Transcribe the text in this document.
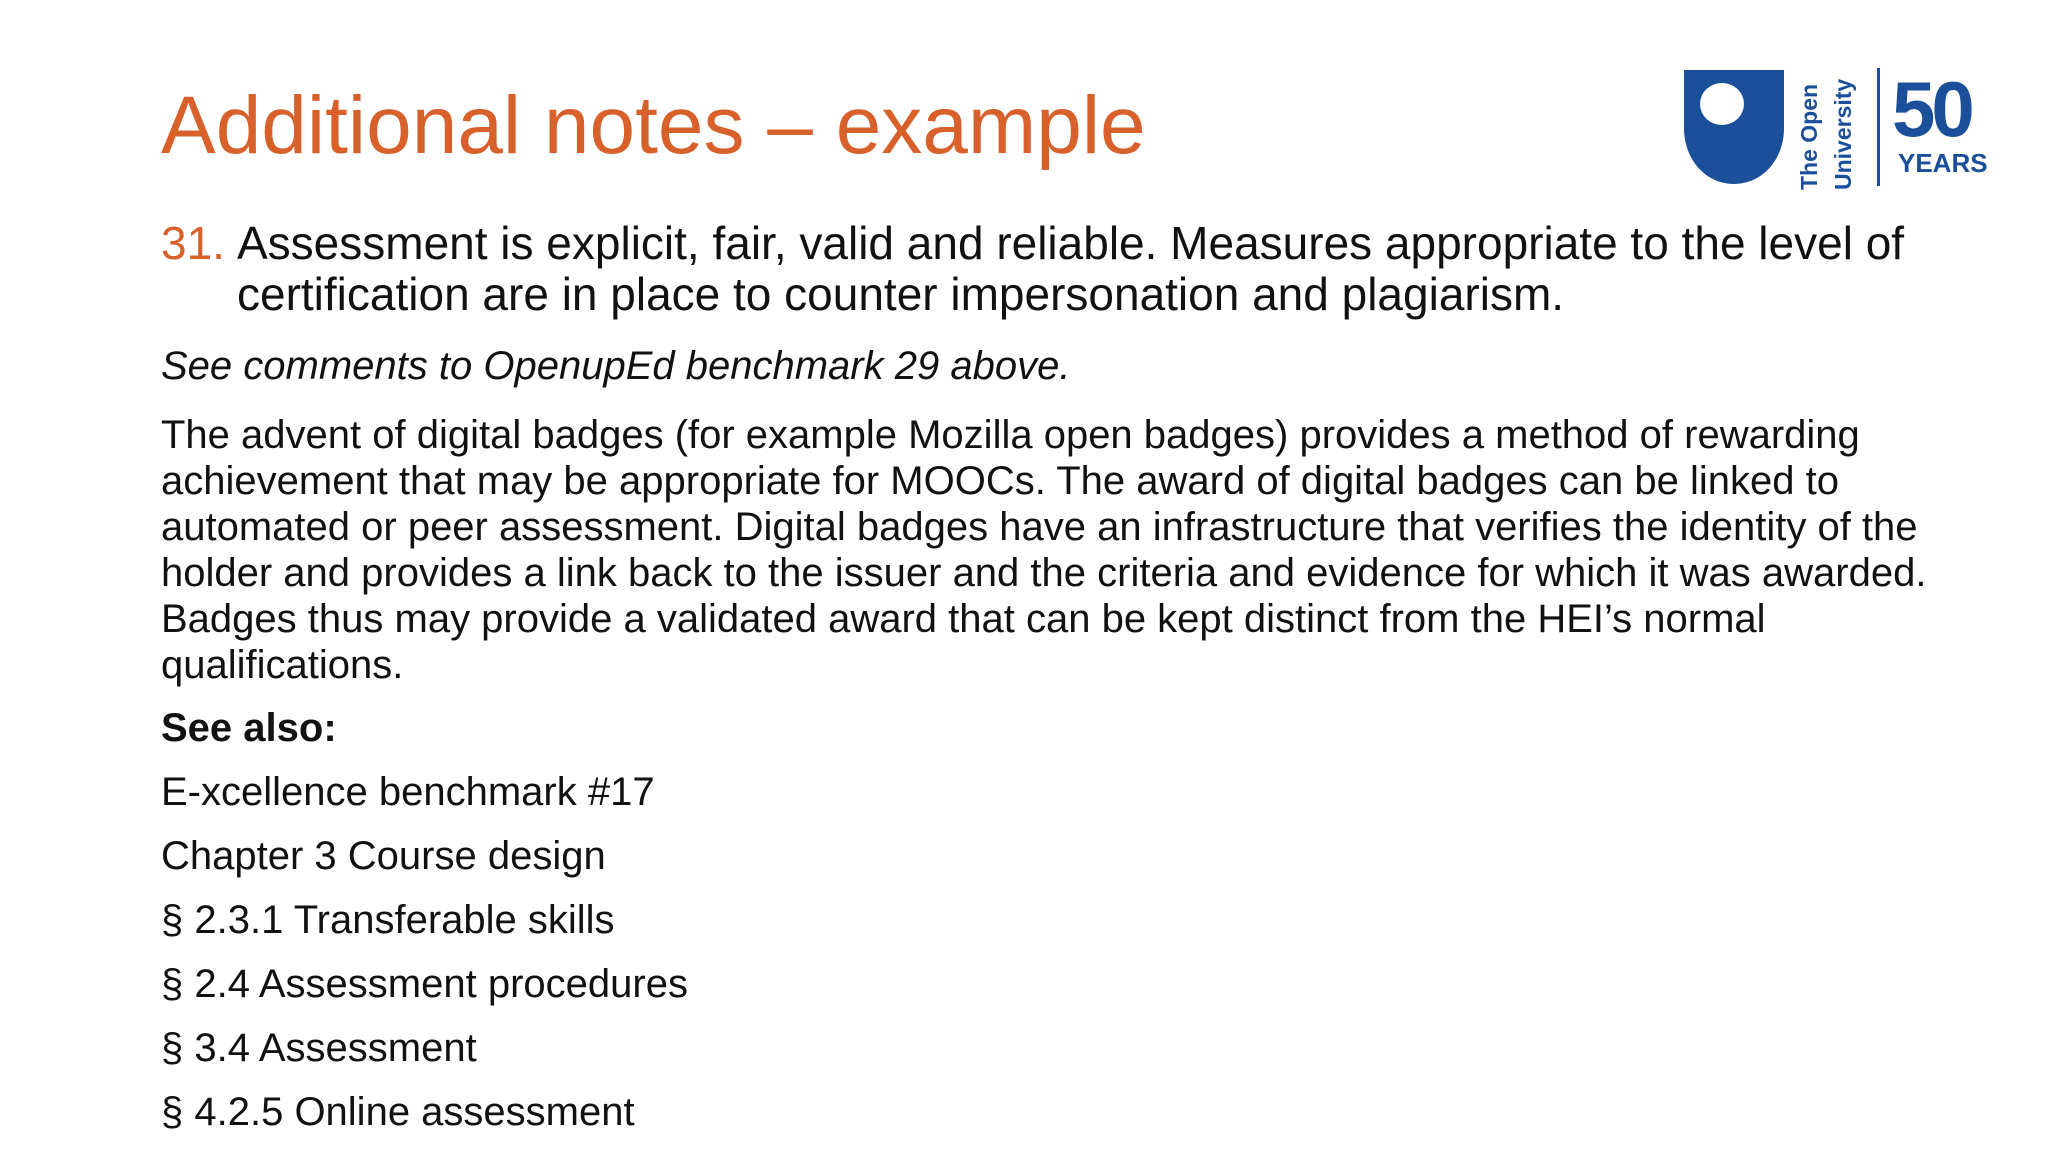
Additional notes – example	The Open University 50
YEARS
31. Assessment is explicit, fair, valid and reliable. Measures appropriate to the level of certification are in place to counter impersonation and plagiarism.
See comments to OpenupEd benchmark 29 above.
The advent of digital badges (for example Mozilla open badges) provides a method of rewarding achievement that may be appropriate for MOOCs. The award of digital badges can be linked to automated or peer assessment. Digital badges have an infrastructure that verifies the identity of the holder and provides a link back to the issuer and the criteria and evidence for which it was awarded. Badges thus may provide a validated award that can be kept distinct from the HEI’s normal qualifications.
See also:
E-xcellence benchmark #17
Chapter 3 Course design
§ 2.3.1 Transferable skills
§ 2.4 Assessment procedures
§ 3.4 Assessment
§ 4.2.5 Online assessment
